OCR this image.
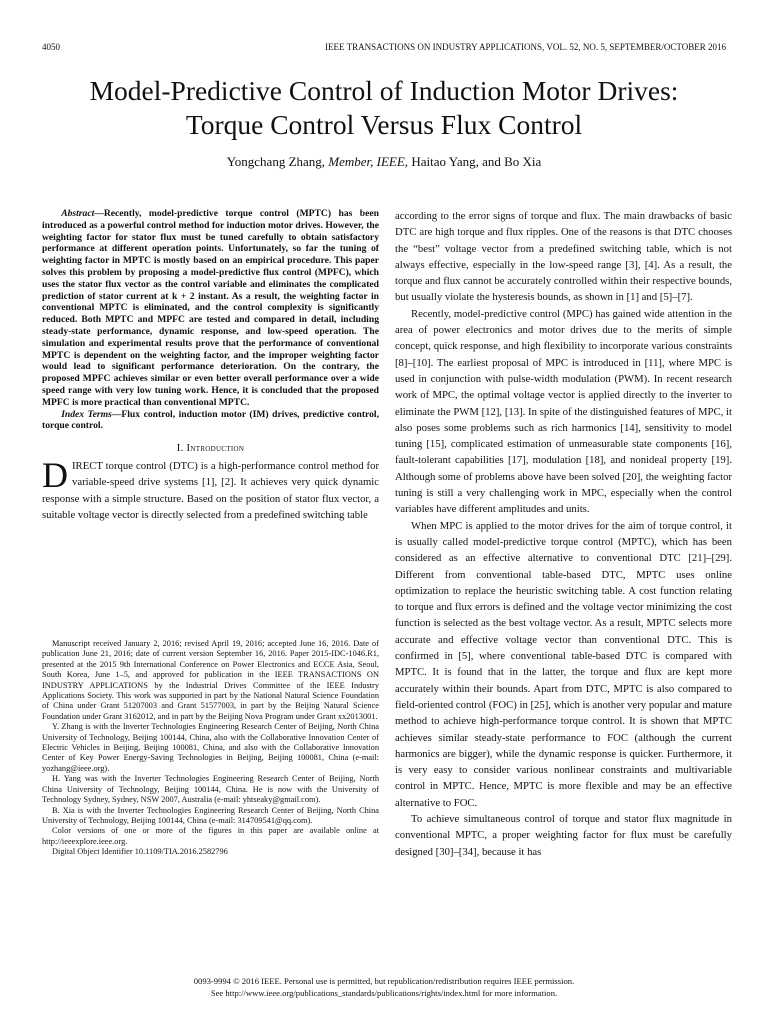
4050	IEEE TRANSACTIONS ON INDUSTRY APPLICATIONS, VOL. 52, NO. 5, SEPTEMBER/OCTOBER 2016
Model-Predictive Control of Induction Motor Drives:
Torque Control Versus Flux Control
Yongchang Zhang, Member, IEEE, Haitao Yang, and Bo Xia

Abstract—Recently, model-predictive torque control (MPTC) has been introduced as a powerful control method for induction motor drives. However, the weighting factor for stator flux must be tuned carefully to obtain satisfactory performance at different operation points. Unfortunately, so far the tuning of weighting factor in MPTC is mostly based on an empirical procedure. This paper solves this problem by proposing a model-predictive flux control (MPFC), which uses the stator flux vector as the control variable and eliminates the complicated prediction of stator current at k + 2 instant. As a result, the weighting factor in conventional MPTC is eliminated, and the control complexity is significantly reduced. Both MPTC and MPFC are tested and compared in detail, including steady-state performance, dynamic response, and low-speed operation. The simulation and experimental results prove that the performance of conventional MPTC is dependent on the weighting factor, and the improper weighting factor would lead to significant performance deterioration. On the contrary, the proposed MPFC achieves similar or even better overall performance over a wide speed range with very low tuning work. Hence, it is concluded that the proposed MPFC is more practical than conventional MPTC.

Index Terms—Flux control, induction motor (IM) drives, predictive control, torque control.

I. Introduction

DIRECT torque control (DTC) is a high-performance control method for variable-speed drive systems [1], [2]. It achieves very quick dynamic response with a simple structure. Based on the position of stator flux vector, a suitable voltage vector is directly selected from a predefined switching table

Manuscript received January 2, 2016; revised April 19, 2016; accepted June 16, 2016. Date of publication June 21, 2016; date of current version September 16, 2016. Paper 2015-IDC-1046.R1, presented at the 2015 9th International Conference on Power Electronics and ECCE Asia, Seoul, South Korea, June 1–5, and approved for publication in the IEEE TRANSACTIONS ON INDUSTRY APPLICATIONS by the Industrial Drives Committee of the IEEE Industry Applications Society. This work was supported in part by the National Natural Science Foundation of China under Grant 51207003 and Grant 51577003, in part by the Beijing Natural Science Foundation under Grant 3162012, and in part by the Beijing Nova Program under Grant xx2013001.

Y. Zhang is with the Inverter Technologies Engineering Research Center of Beijing, North China University of Technology, Beijing 100144, China, also with the Collaborative Innovation Center of Electric Vehicles in Beijing, Beijing 100081, China, and also with the Collaborative Innovation Center of Key Power Energy-Saving Technologies in Beijing, Beijing 100081, China (e-mail: yozhang@ieee.org).

H. Yang was with the Inverter Technologies Engineering Research Center of Beijing, North China University of Technology, Beijing 100144, China. He is now with the University of Technology Sydney, Sydney, NSW 2007, Australia (e-mail: yhtseaky@gmail.com).

B. Xia is with the Inverter Technologies Engineering Research Center of Beijing, North China University of Technology, Beijing 100144, China (e-mail: 314709541@qq.com).

Color versions of one or more of the figures in this paper are available online at http://ieeexplore.ieee.org.

Digital Object Identifier 10.1109/TIA.2016.2582796

according to the error signs of torque and flux. The main drawbacks of basic DTC are high torque and flux ripples. One of the reasons is that DTC chooses the “best” voltage vector from a predefined switching table, which is not always effective, especially in the low-speed range [3], [4]. As a result, the torque and flux cannot be accurately controlled within their respective bounds, but usually violate the hysteresis bounds, as shown in [1] and [5]–[7].

Recently, model-predictive control (MPC) has gained wide attention in the area of power electronics and motor drives due to the merits of simple concept, quick response, and high flexibility to incorporate various constraints [8]–[10]. The earliest proposal of MPC is introduced in [11], where MPC is used in conjunction with pulse-width modulation (PWM). In recent research work of MPC, the optimal voltage vector is applied directly to the inverter to eliminate the PWM [12], [13]. In spite of the distinguished features of MPC, it also poses some problems such as rich harmonics [14], sensitivity to model tuning [15], complicated estimation of unmeasurable state components [16], fault-tolerant capabilities [17], modulation [18], and nonideal property [19]. Although some of problems above have been solved [20], the weighting factor tuning is still a very challenging work in MPC, especially when the control variables have different amplitudes and units.

When MPC is applied to the motor drives for the aim of torque control, it is usually called model-predictive torque control (MPTC), which has been considered as an effective alternative to conventional DTC [21]–[29]. Different from conventional table-based DTC, MPTC uses online optimization to replace the heuristic switching table. A cost function relating to torque and flux errors is defined and the voltage vector minimizing the cost function is selected as the best voltage vector. As a result, MPTC selects more accurate and effective voltage vector than conventional DTC. This is confirmed in [5], where conventional table-based DTC is compared with MPTC. It is found that in the latter, the torque and flux are kept more accurately within their bounds. Apart from DTC, MPTC is also compared to field-oriented control (FOC) in [25], which is another very popular and mature method to achieve high-performance torque control. It is shown that MPTC achieves similar steady-state performance to FOC (although the current harmonics are bigger), while the dynamic response is quicker. Furthermore, it is very easy to consider various nonlinear constraints and multivariable control in MPTC. Hence, MPTC is more flexible and may be an effective alternative to FOC.

To achieve simultaneous control of torque and stator flux magnitude in conventional MPTC, a proper weighting factor for flux must be carefully designed [30]–[34], because it has

0093-9994 © 2016 IEEE. Personal use is permitted, but republication/redistribution requires IEEE permission.
See http://www.ieee.org/publications_standards/publications/rights/index.html for more information.
